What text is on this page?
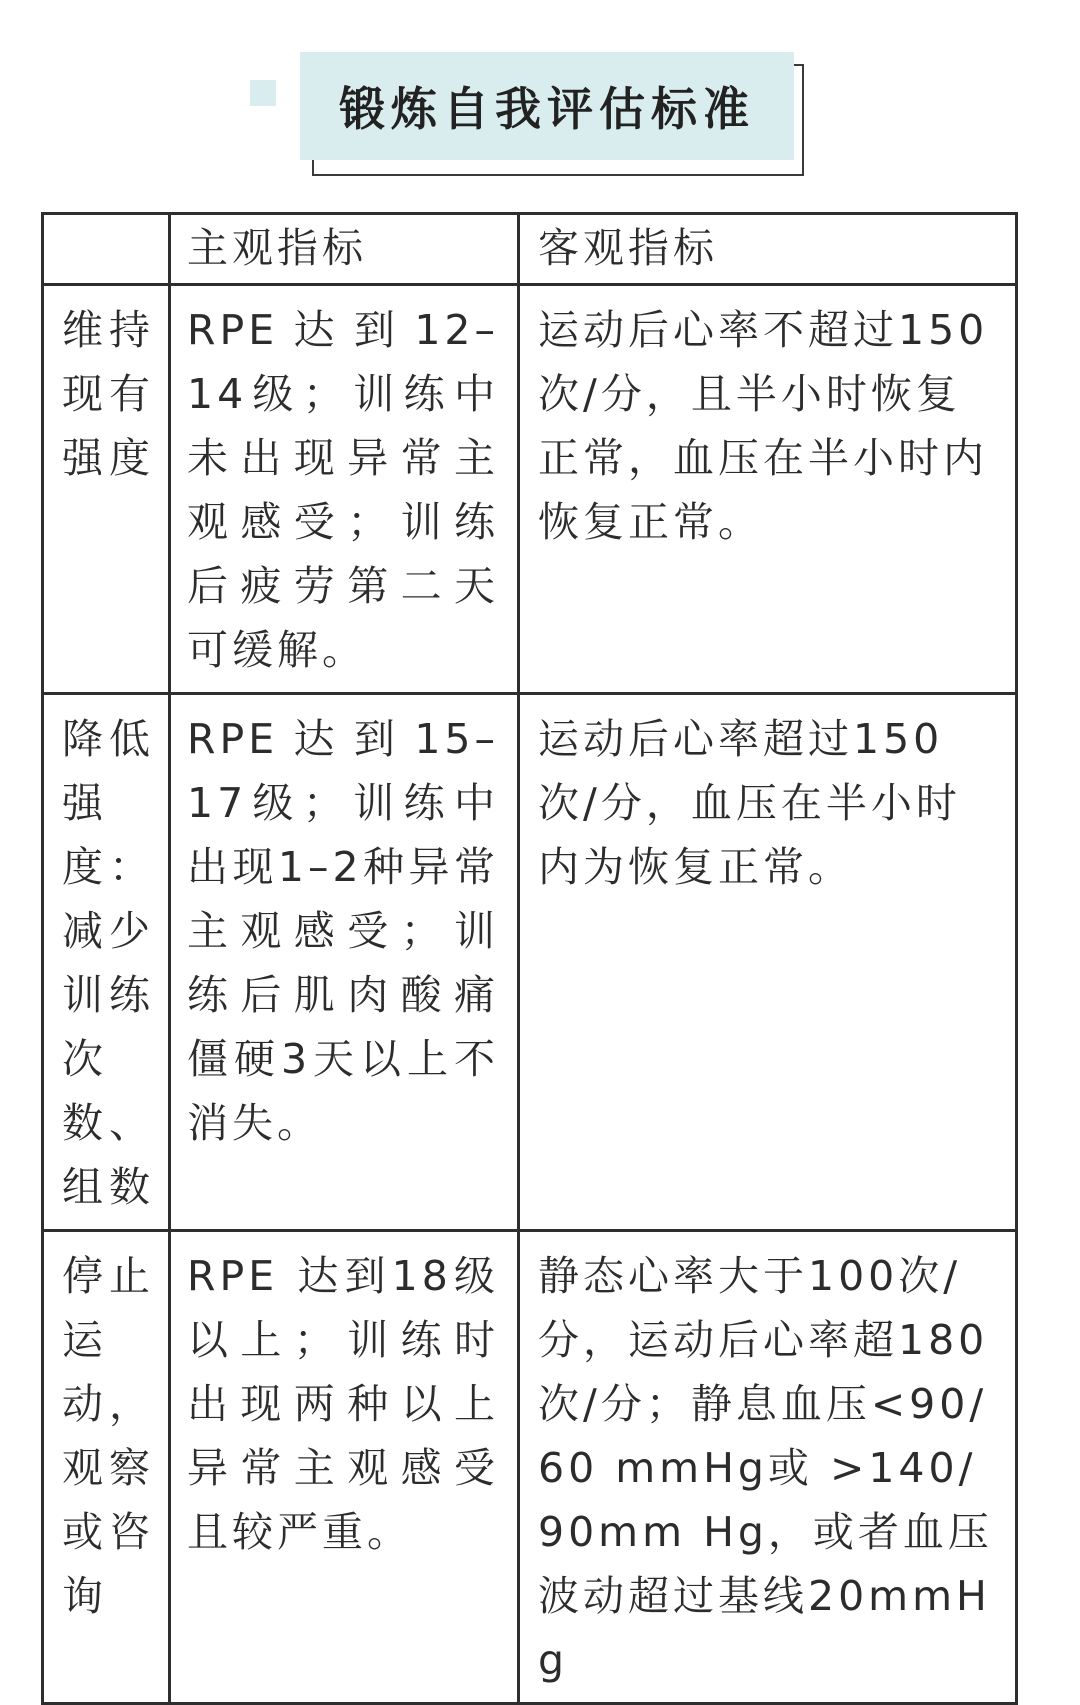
锻炼自我评估标准
	主观指标	客观指标
维持现有强度	RPE达到12–14级；训练中未出现异常主观感受；训练后疲劳第二天可缓解。	运动后心率不超过150次/分，且半小时恢复正常，血压在半小时内恢复正常。
降低强度：减少训练次数、组数	RPE达到15–17级；训练中出现1–2种异常主观感受；训练后肌肉酸痛僵硬3天以上不消失。	运动后心率超过150次/分，血压在半小时内为恢复正常。
停止运动，观察或咨询	RPE 达到18级以上；训练时出现两种以上异常主观感受且较严重。	静态心率大于100次/分，运动后心率超180次/分；静息血压<90/60 mmHg或 >140/90mm Hg，或者血压波动超过基线20mmHg
